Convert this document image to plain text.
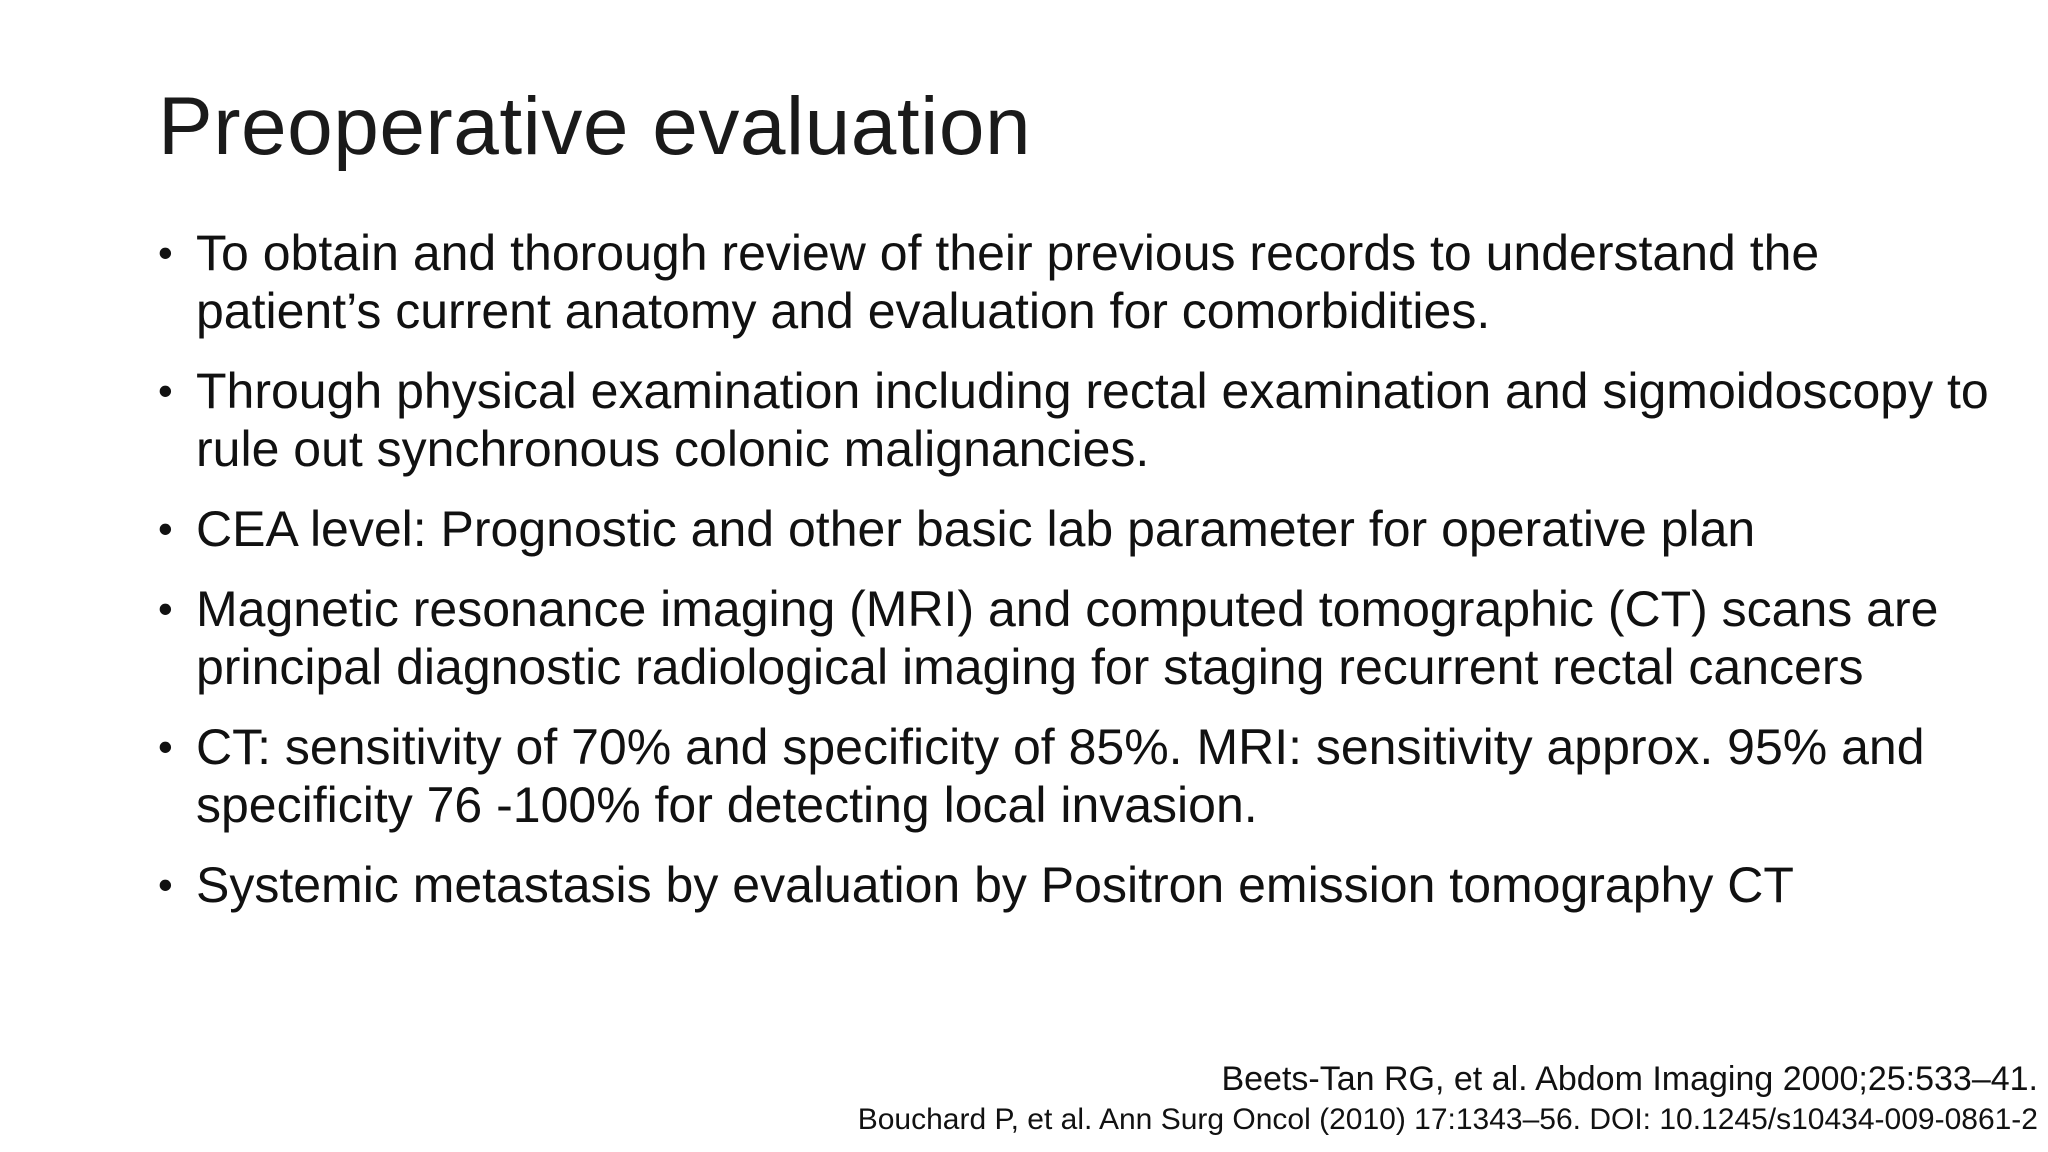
Preoperative evaluation
• To obtain and thorough review of their previous records to understand the patient’s current anatomy and evaluation for comorbidities.
• Through physical examination including rectal examination and sigmoidoscopy to rule out synchronous colonic malignancies.
• CEA level: Prognostic and other basic lab parameter for operative plan
• Magnetic resonance imaging (MRI) and computed tomographic (CT) scans are principal diagnostic radiological imaging for staging recurrent rectal cancers
• CT: sensitivity of 70% and specificity of 85%. MRI: sensitivity approx. 95% and specificity 76 -100% for detecting local invasion.
• Systemic metastasis by evaluation by Positron emission tomography CT
Beets-Tan RG, et al. Abdom Imaging 2000;25:533–41.
Bouchard P, et al. Ann Surg Oncol (2010) 17:1343–56. DOI: 10.1245/s10434-009-0861-2
